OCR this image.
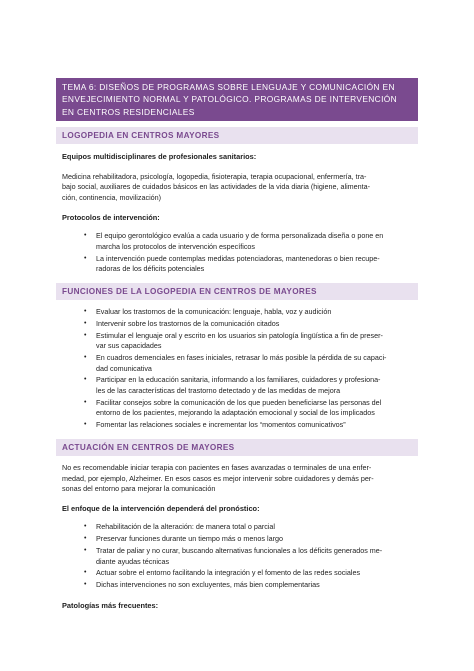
TEMA 6: DISEÑOS DE PROGRAMAS SOBRE LENGUAJE Y COMUNICACIÓN EN
ENVEJECIMIENTO NORMAL Y PATOLÓGICO. PROGRAMAS DE INTERVENCIÓN
EN CENTROS RESIDENCIALES
LOGOPEDIA EN CENTROS MAYORES
Equipos multidisciplinares de profesionales sanitarios:
Medicina rehabilitadora, psicología, logopedia, fisioterapia, terapia ocupacional, enfermería, tra-
bajo social, auxiliares de cuidados básicos en las actividades de la vida diaria (higiene, alimenta-
ción, continencia, movilización)
Protocolos de intervención:
• El equipo gerontológico evalúa a cada usuario y de forma personalizada diseña o pone en
marcha los protocolos de intervención específicos
• La intervención puede contemplas medidas potenciadoras, mantenedoras o bien recupe-
radoras de los déficits potenciales
FUNCIONES DE LA LOGOPEDIA EN CENTROS DE MAYORES
• Evaluar los trastornos de la comunicación: lenguaje, habla, voz y audición
• Intervenir sobre los trastornos de la comunicación citados
• Estimular el lenguaje oral y escrito en los usuarios sin patología lingüística a fin de preser-
var sus capacidades
• En cuadros demenciales en fases iniciales, retrasar lo más posible la pérdida de su capaci-
dad comunicativa
• Participar en la educación sanitaria, informando a los familiares, cuidadores y profesiona-
les de las características del trastorno detectado y de las medidas de mejora
• Facilitar consejos sobre la comunicación de los que pueden beneficiarse las personas del
entorno de los pacientes, mejorando la adaptación emocional y social de los implicados
• Fomentar las relaciones sociales e incrementar los “momentos comunicativos”
ACTUACIÓN EN CENTROS DE MAYORES
No es recomendable iniciar terapia con pacientes en fases avanzadas o terminales de una enfer-
medad, por ejemplo, Alzheimer. En esos casos es mejor intervenir sobre cuidadores y demás per-
sonas del entorno para mejorar la comunicación
El enfoque de la intervención dependerá del pronóstico:
• Rehabilitación de la alteración: de manera total o parcial
• Preservar funciones durante un tiempo más o menos largo
• Tratar de paliar y no curar, buscando alternativas funcionales a los déficits generados me-
diante ayudas técnicas
• Actuar sobre el entorno facilitando la integración y el fomento de las redes sociales
• Dichas intervenciones no son excluyentes, más bien complementarias
Patologías más frecuentes:
